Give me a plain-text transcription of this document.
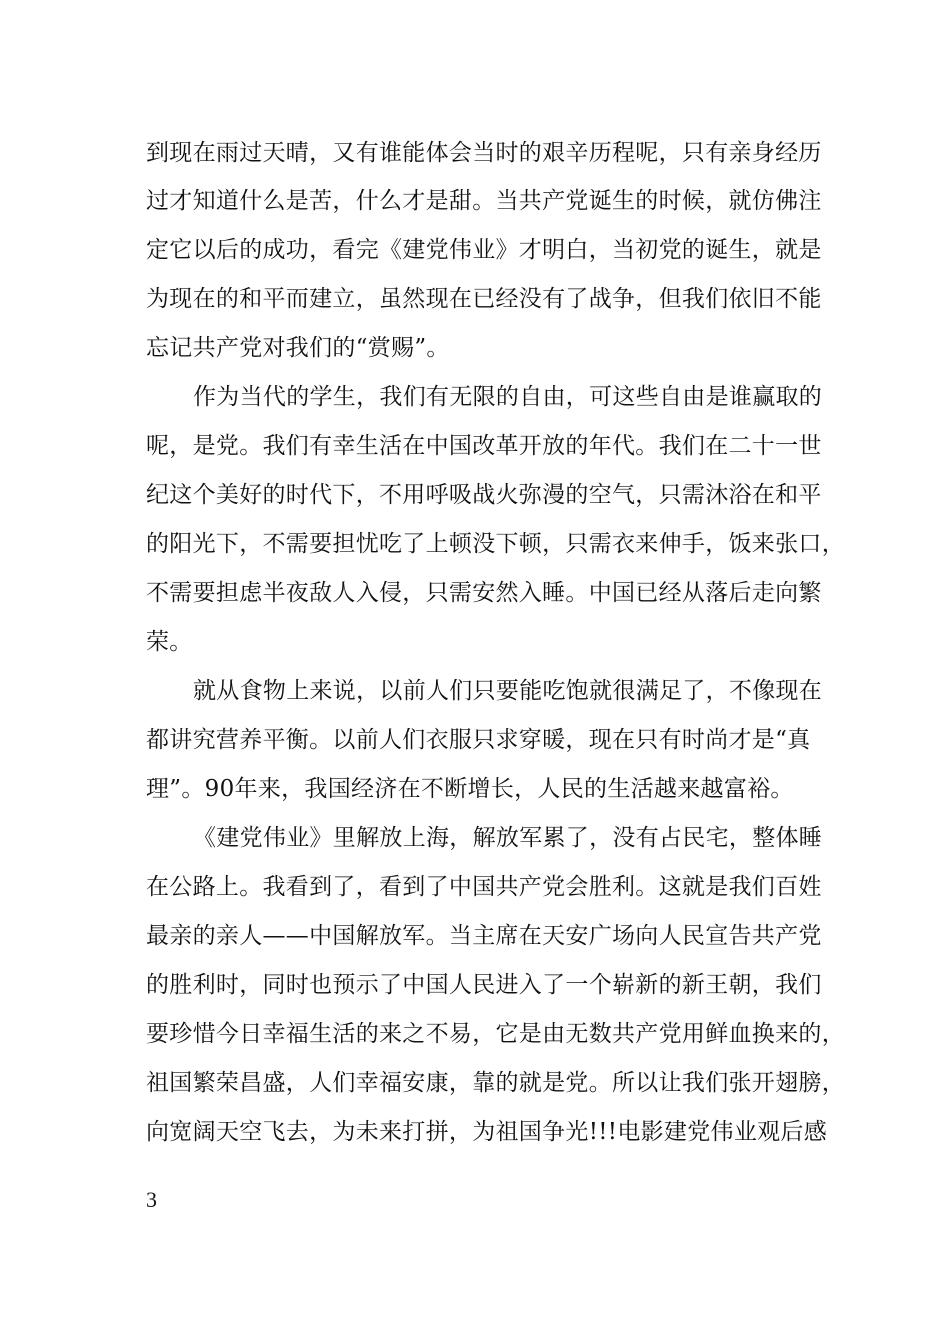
到现在雨过天晴，又有谁能体会当时的艰辛历程呢，只有亲身经历
过才知道什么是苦，什么才是甜。当共产党诞生的时候，就仿佛注
定它以后的成功，看完《建党伟业》才明白，当初党的诞生，就是
为现在的和平而建立，虽然现在已经没有了战争，但我们依旧不能
忘记共产党对我们的“赏赐”。
作为当代的学生，我们有无限的自由，可这些自由是谁赢取的
呢，是党。我们有幸生活在中国改革开放的年代。我们在二十一世
纪这个美好的时代下，不用呼吸战火弥漫的空气，只需沐浴在和平
的阳光下，不需要担忧吃了上顿没下顿，只需衣来伸手，饭来张口，
不需要担虑半夜敌人入侵，只需安然入睡。中国已经从落后走向繁
荣。
就从食物上来说，以前人们只要能吃饱就很满足了，不像现在
都讲究营养平衡。以前人们衣服只求穿暖，现在只有时尚才是“真
理”。90年来，我国经济在不断增长，人民的生活越来越富裕。
《建党伟业》里解放上海，解放军累了，没有占民宅，整体睡
在公路上。我看到了，看到了中国共产党会胜利。这就是我们百姓
最亲的亲人——中国解放军。当主席在天安广场向人民宣告共产党
的胜利时，同时也预示了中国人民进入了一个崭新的新王朝，我们
要珍惜今日幸福生活的来之不易，它是由无数共产党用鲜血换来的，
祖国繁荣昌盛，人们幸福安康，靠的就是党。所以让我们张开翅膀，
向宽阔天空飞去，为未来打拼，为祖国争光!!!电影建党伟业观后感
3
